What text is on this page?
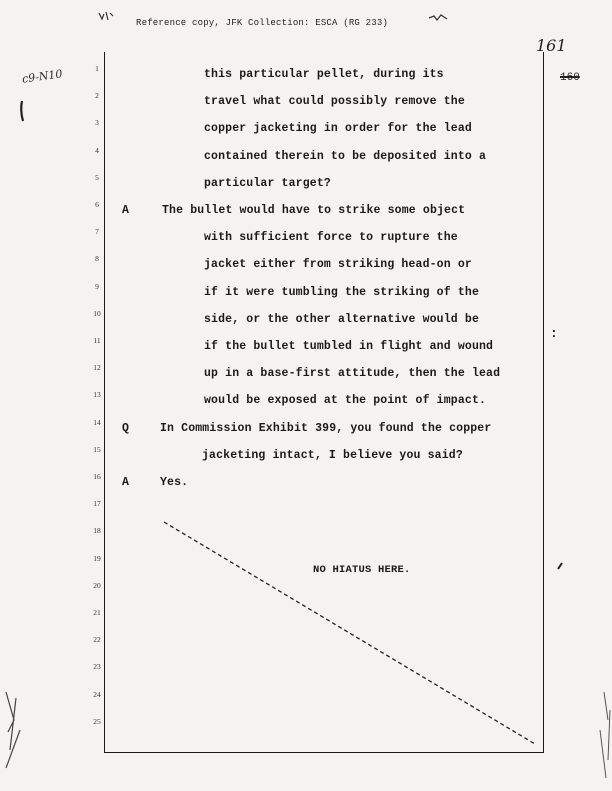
Reference copy, JFK Collection: ESCA (RG 233)
c9-N10
161
160
:
1
2
3
4
5
6
7
8
9
10
11
12
13
14
15
16
17
18
19
20
21
22
23
24
25
this particular pellet, during its
travel what could possibly remove the
copper jacketing in order for the lead
contained therein to be deposited into a
particular target?
A	The bullet would have to strike some object
with sufficient force to rupture the
jacket either from striking head-on or
if it were tumbling the striking of the
side, or the other alternative would be
if the bullet tumbled in flight and wound
up in a base-first attitude, then the lead
would be exposed at the point of impact.
Q	In Commission Exhibit 399, you found the copper
jacketing intact, I believe you said?
A	Yes.
NO HIATUS HERE.
